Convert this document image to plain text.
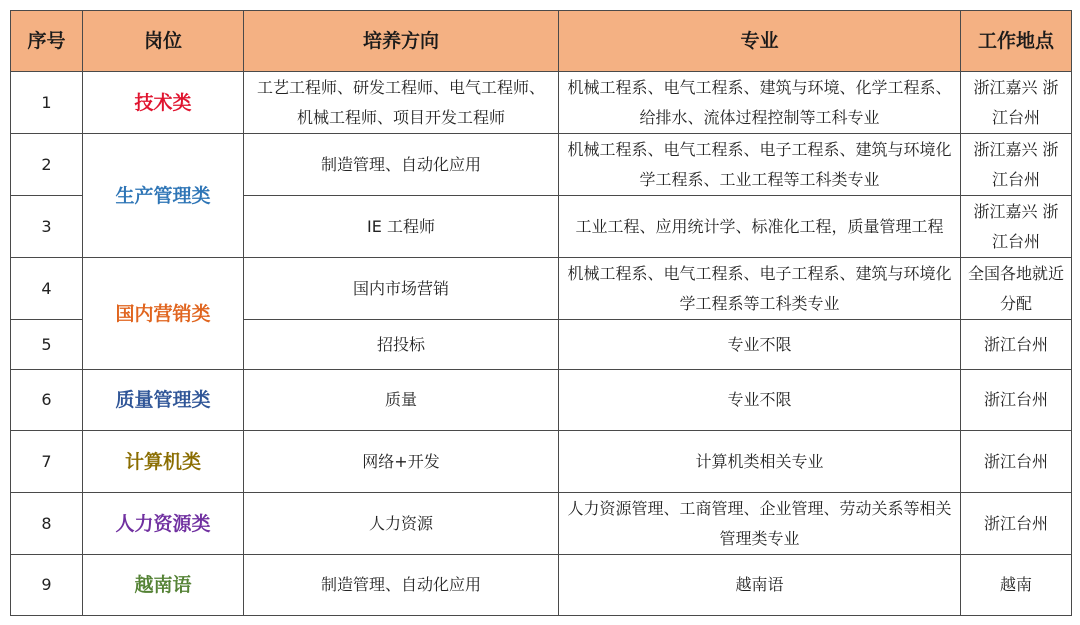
序号	岗位	培养方向	专业	工作地点
1	技术类	工艺工程师、研发工程师、电气工程师、机械工程师、项目开发工程师	机械工程系、电气工程系、建筑与环境、化学工程系、给排水、流体过程控制等工科专业	浙江嘉兴 浙江台州
2	生产管理类	制造管理、自动化应用	机械工程系、电气工程系、电子工程系、建筑与环境化学工程系、工业工程等工科类专业	浙江嘉兴 浙江台州
3		IE 工程师	工业工程、应用统计学、标准化工程，质量管理工程	浙江嘉兴 浙江台州
4	国内营销类	国内市场营销	机械工程系、电气工程系、电子工程系、建筑与环境化学工程系等工科类专业	全国各地就近分配
5		招投标	专业不限	浙江台州
6	质量管理类	质量	专业不限	浙江台州
7	计算机类	网络+开发	计算机类相关专业	浙江台州
8	人力资源类	人力资源	人力资源管理、工商管理、企业管理、劳动关系等相关管理类专业	浙江台州
9	越南语	制造管理、自动化应用	越南语	越南
